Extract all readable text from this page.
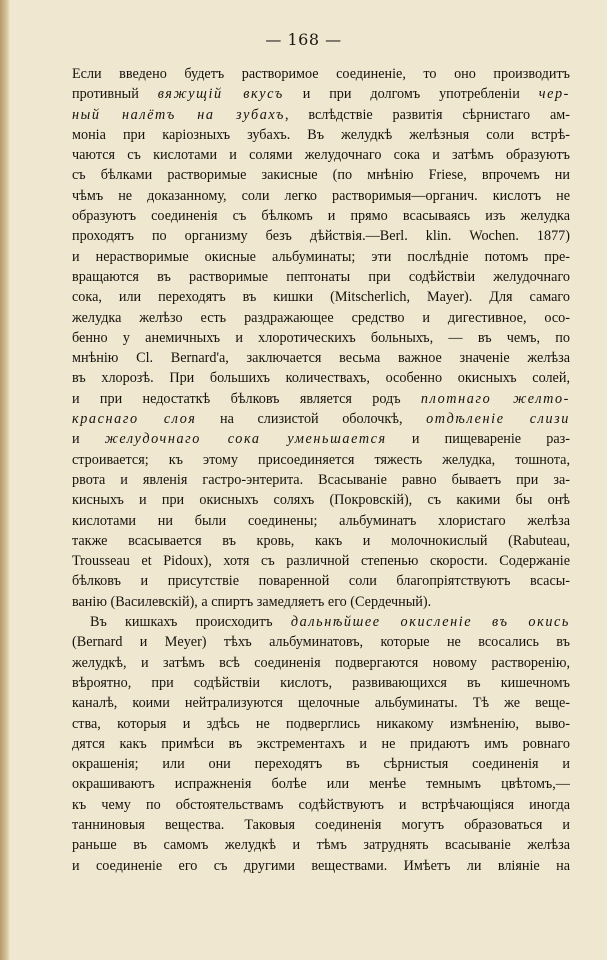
— 168 —
Если введено будетъ растворимое соединеніе, то оно производитъ
противный вяжущій вкусъ и при долгомъ употребленіи чер-
ный налётъ на зубахъ, вслѣдствіе развитія сѣрнистаго ам-
моніа при каріозныхъ зубахъ. Въ желудкѣ желѣзныя соли встрѣ-
чаются съ кислотами и солями желудочнаго сока и затѣмъ образуютъ
съ бѣлками растворимые закисные (по мнѣнію Friese, впрочемъ ни
чѣмъ не доказанному, соли легко растворимыя—органич. кислотъ не
образуютъ соединенія съ бѣлкомъ и прямо всасываясь изъ желудка
проходятъ по организму безъ дѣйствія.—Berl. klin. Wochen. 1877)
и нерастворимые окисные альбуминаты; эти послѣдніе потомъ пре-
вращаются въ растворимые пептонаты при содѣйствіи желудочнаго
сока, или переходятъ въ кишки (Mitscherlich, Mayer). Для самаго
желудка желѣзо есть раздражающее средство и дигестивное, осо-
бенно у анемичныхъ и хлоротическихъ больныхъ, — въ чемъ, по
мнѣнію Cl. Bernard'a, заключается весьма важное значеніе желѣза
въ хлорозѣ. При большихъ количествахъ, особенно окисныхъ солей,
и при недостаткѣ бѣлковъ является родъ плотнаго желто-
краснаго слоя на слизистой оболочкѣ, отдѣленіе слизи
и желудочнаго сока уменьшается и пищевареніе раз-
строивается; къ этому присоединяется тяжесть желудка, тошнота,
рвота и явленія гастро-энтерита. Всасываніе равно бываетъ при за-
кисныхъ и при окисныхъ соляхъ (Покровскій), съ какими бы онѣ
кислотами ни были соединены; альбуминатъ хлористаго желѣза
также всасывается въ кровь, какъ и молочнокислый (Rabuteau,
Trousseau et Pidoux), хотя съ различной степенью скорости. Содержаніе
бѣлковъ и присутствіе поваренной соли благопріятствуютъ всасы-
ванію (Василевскій), а спиртъ замедляетъ его (Сердечный).
Въ кишкахъ происходитъ дальнѣйшее окисленіе въ окись
(Bernard и Meyer) тѣхъ альбуминатовъ, которые не всосались въ
желудкѣ, и затѣмъ всѣ соединенія подвергаются новому растворенію,
вѣроятно, при содѣйствіи кислотъ, развивающихся въ кишечномъ
каналѣ, коими нейтрализуются щелочные альбуминаты. Тѣ же веще-
ства, которыя и здѣсь не подверглись никакому измѣненію, выво-
дятся какъ примѣси въ экстрементахъ и не придаютъ имъ ровнаго
окрашенія; или они переходятъ въ сѣрнистыя соединенія и
окрашиваютъ испражненія болѣе или менѣе темнымъ цвѣтомъ,—
къ чему по обстоятельствамъ содѣйствуютъ и встрѣчающіяся иногда
танниновыя вещества. Таковыя соединенія могутъ образоваться и
раньше въ самомъ желудкѣ и тѣмъ затруднять всасываніе желѣза
и соединеніе его съ другими веществами. Имѣетъ ли вліяніе на
